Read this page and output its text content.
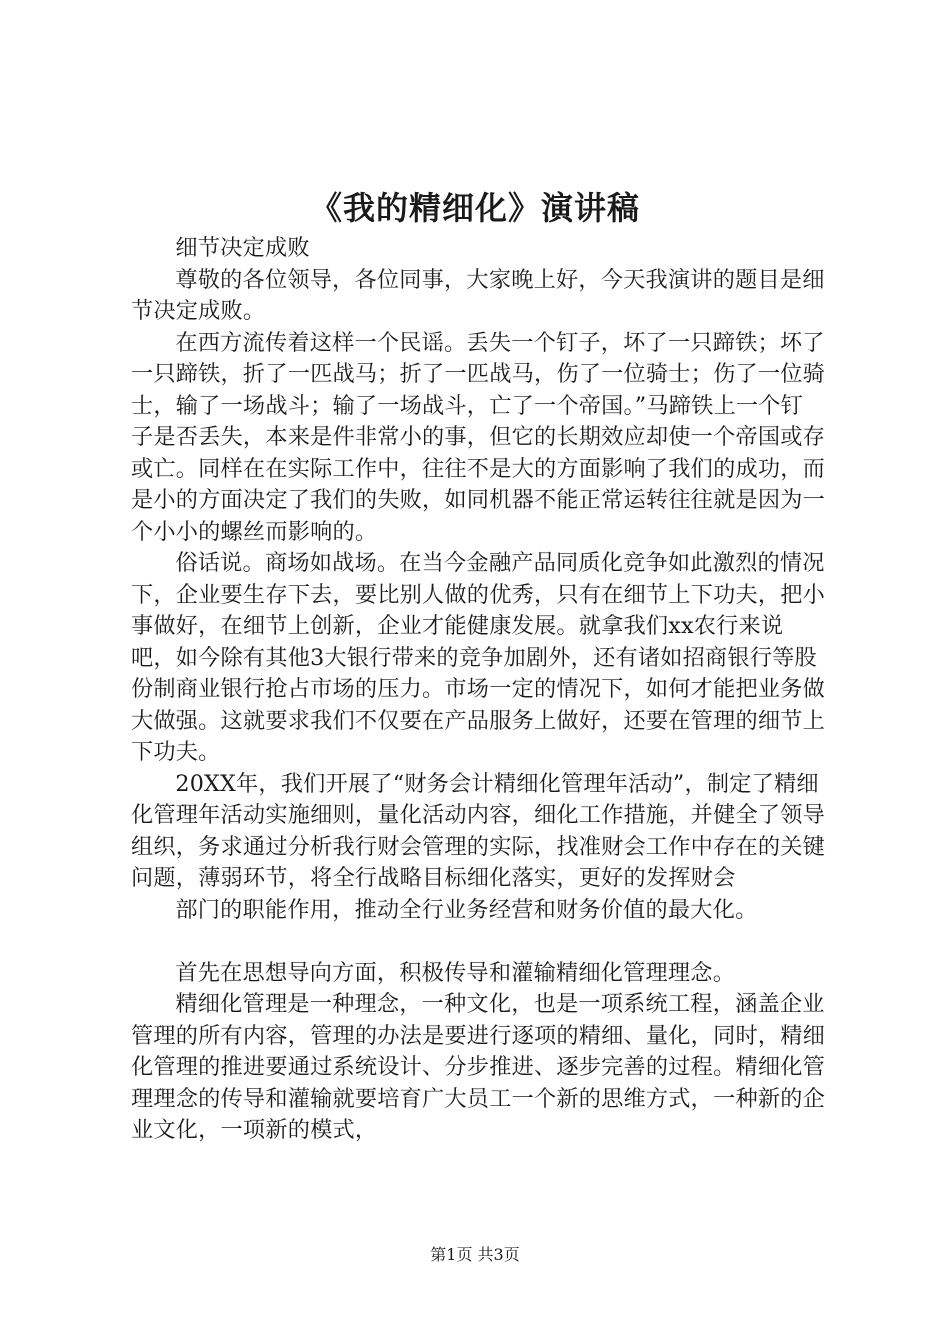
《我的精细化》演讲稿

细节决定成败

尊敬的各位领导，各位同事，大家晚上好，今天我演讲的题目是细节决定成败。

在西方流传着这样一个民谣。丢失一个钉子，坏了一只蹄铁；坏了一只蹄铁，折了一匹战马；折了一匹战马，伤了一位骑士；伤了一位骑士，输了一场战斗；输了一场战斗，亡了一个帝国。”马蹄铁上一个钉子是否丢失，本来是件非常小的事，但它的长期效应却使一个帝国或存或亡。同样在在实际工作中，往往不是大的方面影响了我们的成功，而是小的方面决定了我们的失败，如同机器不能正常运转往往就是因为一个小小的螺丝而影响的。

俗话说。商场如战场。在当今金融产品同质化竞争如此激烈的情况下，企业要生存下去，要比别人做的优秀，只有在细节上下功夫，把小事做好，在细节上创新，企业才能健康发展。就拿我们xx农行来说吧，如今除有其他3大银行带来的竞争加剧外，还有诸如招商银行等股份制商业银行抢占市场的压力。市场一定的情况下，如何才能把业务做大做强。这就要求我们不仅要在产品服务上做好，还要在管理的细节上下功夫。

20XX年，我们开展了“财务会计精细化管理年活动”，制定了精细化管理年活动实施细则，量化活动内容，细化工作措施，并健全了领导组织，务求通过分析我行财会管理的实际，找准财会工作中存在的关键问题，薄弱环节，将全行战略目标细化落实，更好的发挥财会

部门的职能作用，推动全行业务经营和财务价值的最大化。

首先在思想导向方面，积极传导和灌输精细化管理理念。

精细化管理是一种理念，一种文化，也是一项系统工程，涵盖企业管理的所有内容，管理的办法是要进行逐项的精细、量化，同时，精细化管理的推进要通过系统设计、分步推进、逐步完善的过程。精细化管理理念的传导和灌输就要培育广大员工一个新的思维方式，一种新的企业文化，一项新的模式，

第1页 共3页
